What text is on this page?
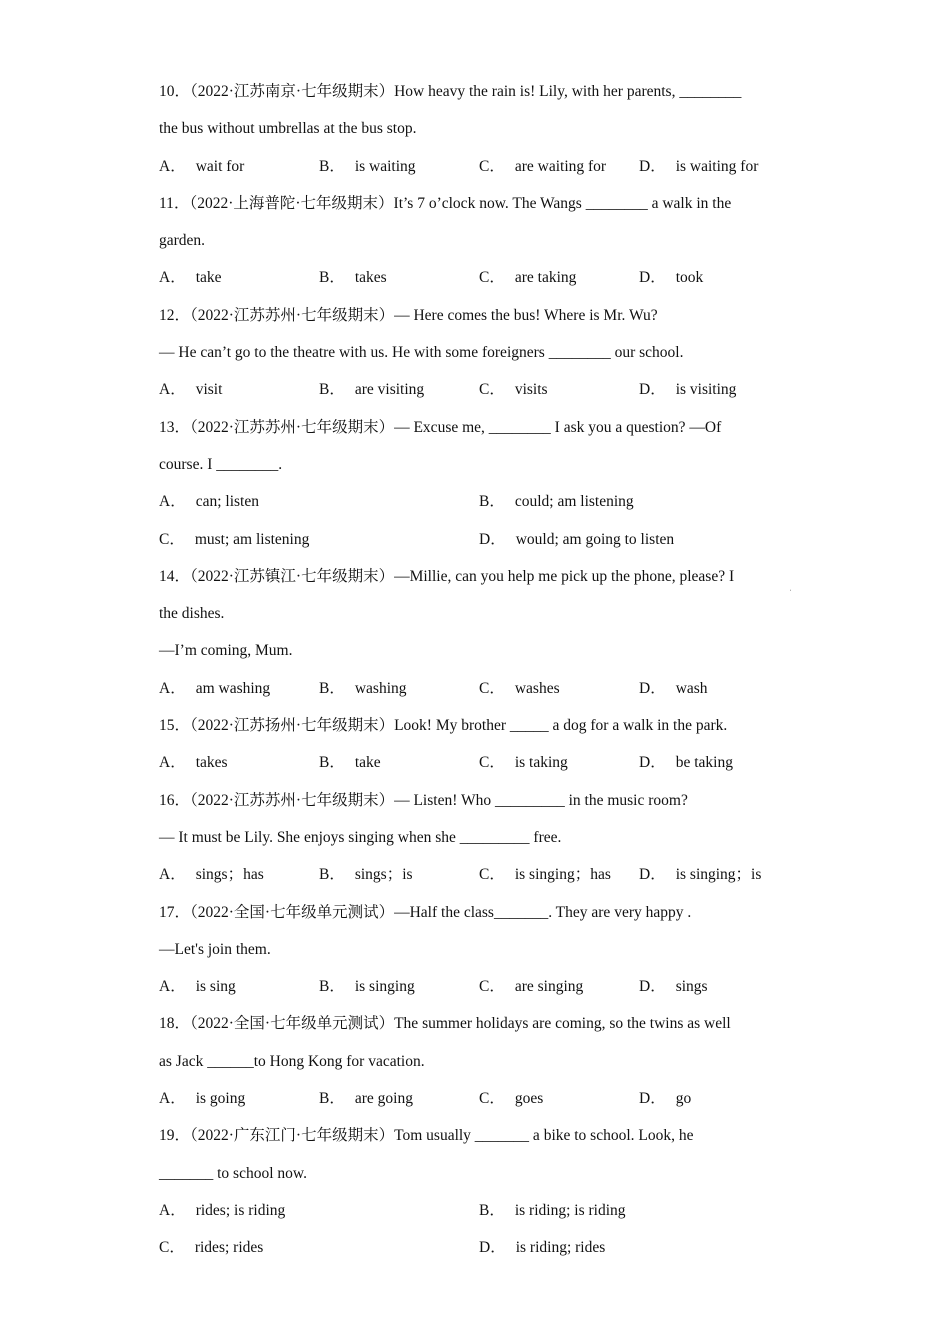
10．（2022·江苏南京·七年级期末）How heavy the rain is! Lily, with her parents, ________
the bus without umbrellas at the bus stop.
A． wait for	B． is waiting	C． are waiting for	D． is waiting for
11．（2022·上海普陀·七年级期末）It’s 7 o’clock now. The Wangs ________ a walk in the
garden.
A． take	B． takes	C． are taking	D． took
12．（2022·江苏苏州·七年级期末）— Here comes the bus! Where is Mr. Wu?
— He can’t go to the theatre with us. He with some foreigners ________ our school.
A． visit	B． are visiting	C． visits	D． is visiting
13．（2022·江苏苏州·七年级期末）— Excuse me, ________ I ask you a question? —Of
course. I ________.
A． can; listen	B． could; am listening
C． must; am listening	D． would; am going to listen
14．（2022·江苏镇江·七年级期末）—Millie, can you help me pick up the phone, please? I
ˌ
the dishes.
—I’m coming, Mum.
A． am washing	B． washing	C． washes	D． wash
15．（2022·江苏扬州·七年级期末）Look! My brother _____ a dog for a walk in the park.
A． takes	B． take	C． is taking	D． be taking
16．（2022·江苏苏州·七年级期末）— Listen! Who _________ in the music room?
— It must be Lily. She enjoys singing when she _________ free.
A． sings；has	B． sings；is	C． is singing；has	D． is singing；is
17．（2022·全国·七年级单元测试）—Half the class_______. They are very happy .
—Let's join them.
A． is sing	B． is singing	C． are singing	D． sings
18．（2022·全国·七年级单元测试）The summer holidays are coming, so the twins as well
as Jack ______to Hong Kong for vacation.
A． is going	B． are going	C． goes	D． go
19．（2022·广东江门·七年级期末）Tom usually _______ a bike to school. Look, he
_______ to school now.
A． rides; is riding	B． is riding; is riding
C． rides; rides	D． is riding; rides
